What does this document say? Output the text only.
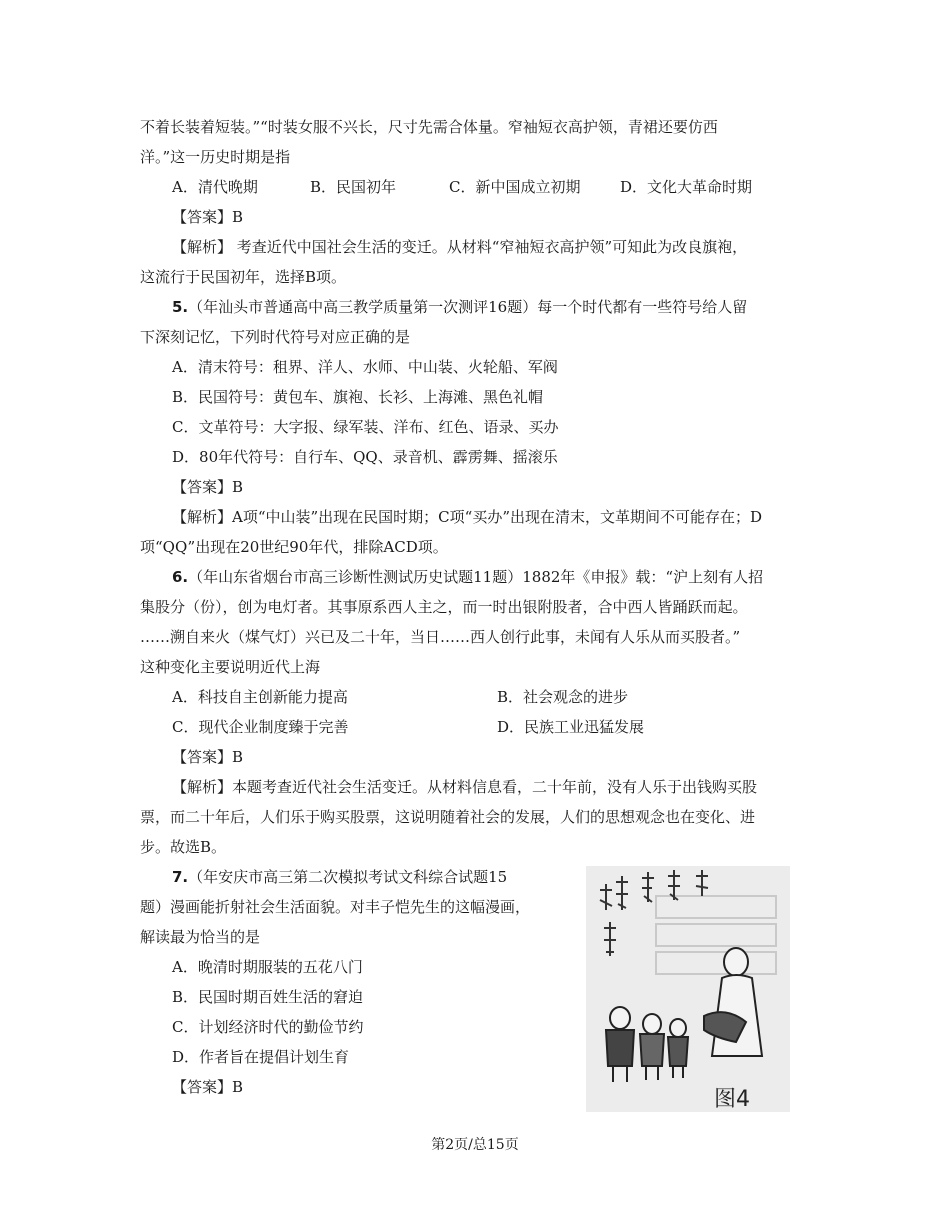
不着长装着短装。”“时装女服不兴长，尺寸先需合体量。窄袖短衣高护领，青裙还要仿西
洋。”这一历史时期是指
A．清代晚期	B．民国初年	C．新中国成立初期	D．文化大革命时期
【答案】B
【解析】 考查近代中国社会生活的变迁。从材料“窄袖短衣高护领”可知此为改良旗袍，
这流行于民国初年，选择B项。
5.（年汕头市普通高中高三教学质量第一次测评16题）每一个时代都有一些符号给人留
下深刻记忆，下列时代符号对应正确的是
A．清末符号：租界、洋人、水师、中山装、火轮船、军阀
B．民国符号：黄包车、旗袍、长衫、上海滩、黑色礼帽
C．文革符号：大字报、绿军装、洋布、红色、语录、买办
D．80年代符号：自行车、QQ、录音机、霹雳舞、摇滚乐
【答案】B
【解析】A项“中山装”出现在民国时期；C项“买办”出现在清末，文革期间不可能存在；D
项“QQ”出现在20世纪90年代，排除ACD项。
6.（年山东省烟台市高三诊断性测试历史试题11题）1882年《申报》载：“沪上刻有人招
集股分（份），创为电灯者。其事原系西人主之，而一时出银附股者，合中西人皆踊跃而起。
……溯自来火（煤气灯）兴已及二十年，当日……西人创行此事，未闻有人乐从而买股者。”
这种变化主要说明近代上海
A．科技自主创新能力提高	B．社会观念的进步
C．现代企业制度臻于完善	D．民族工业迅猛发展
【答案】B
【解析】本题考查近代社会生活变迁。从材料信息看，二十年前，没有人乐于出钱购买股
票，而二十年后，人们乐于购买股票，这说明随着社会的发展，人们的思想观念也在变化、进
步。故选B。
7.（年安庆市高三第二次模拟考试文科综合试题15
题）漫画能折射社会生活面貌。对丰子恺先生的这幅漫画，
解读最为恰当的是
A．晚清时期服装的五花八门
B．民国时期百姓生活的窘迫
C．计划经济时代的勤俭节约
D．作者旨在提倡计划生育
【答案】B	图4
第2页/总15页
